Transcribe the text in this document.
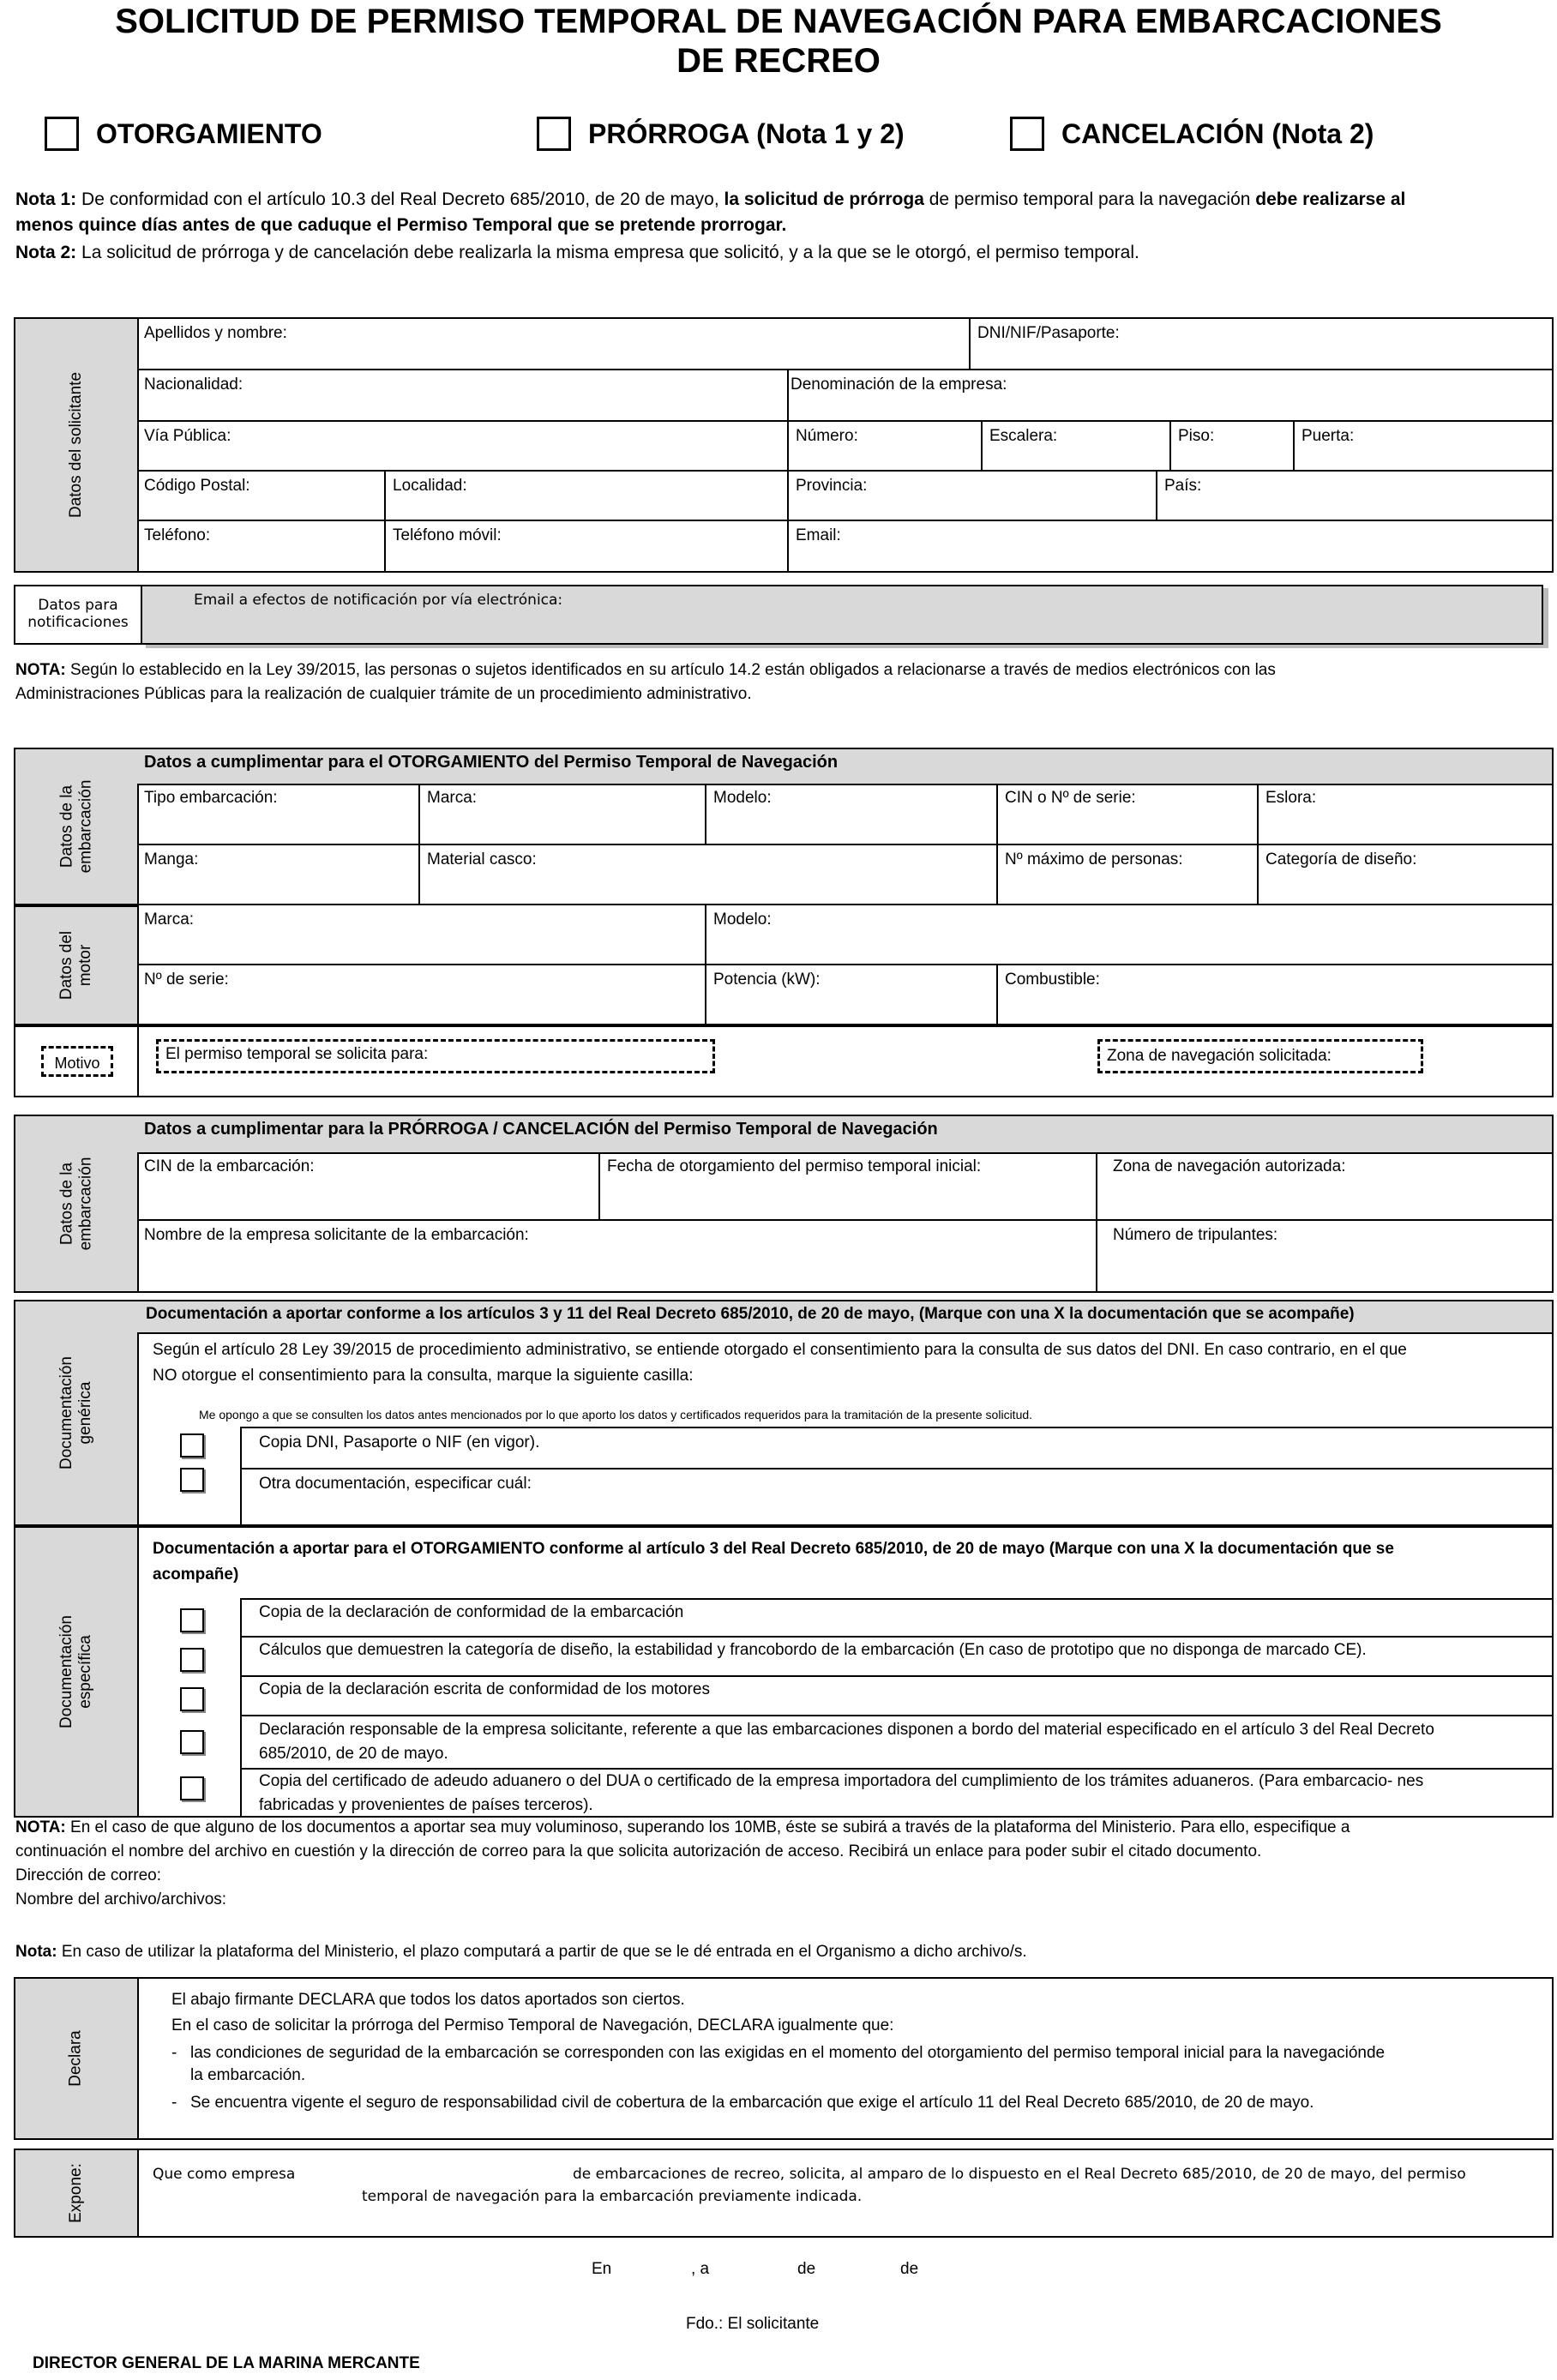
SOLICITUD DE PERMISO TEMPORAL DE NAVEGACIÓN PARA EMBARCACIONES
DE RECREO
OTORGAMIENTO	PRÓRROGA (Nota 1 y 2)	CANCELACIÓN (Nota 2)
Nota 1: De conformidad con el artículo 10.3 del Real Decreto 685/2010, de 20 de mayo, la solicitud de prórroga de permiso temporal para la navegación debe realizarse al
menos quince días antes de que caduque el Permiso Temporal que se pretende prorrogar.
Nota 2: La solicitud de prórroga y de cancelación debe realizarla la misma empresa que solicitó, y a la que se le otorgó, el permiso temporal.
Datos del solicitante
Apellidos y nombre:	DNI/NIF/Pasaporte:
Nacionalidad:	Denominación de la empresa:
Vía Pública:	Número:	Escalera:	Piso:	Puerta:
Código Postal:	Localidad:	Provincia:	País:
Teléfono:	Teléfono móvil:	Email:
Datos para
notificaciones
Email a efectos de notificación por vía electrónica:
NOTA: Según lo establecido en la Ley 39/2015, las personas o sujetos identificados en su artículo 14.2 están obligados a relacionarse a través de medios electrónicos con las
Administraciones Públicas para la realización de cualquier trámite de un procedimiento administrativo.
Datos de la embarcación
Datos del motor
Datos a cumplimentar para el OTORGAMIENTO del Permiso Temporal de Navegación
Tipo embarcación:	Marca:	Modelo:	CIN o Nº de serie:	Eslora:
Manga:	Material casco:	Nº máximo de personas:	Categoría de diseño:
Marca:	Modelo:
Nº de serie:	Potencia (kW):	Combustible:
Motivo	El permiso temporal se solicita para:	Zona de navegación solicitada:
Datos de la embarcación
Datos a cumplimentar para la PRÓRROGA / CANCELACIÓN del Permiso Temporal de Navegación
CIN de la embarcación:	Fecha de otorgamiento del permiso temporal inicial:	Zona de navegación autorizada:
Nombre de la empresa solicitante de la embarcación:	Número de tripulantes:
Documentación genérica
Documentación a aportar conforme a los artículos 3 y 11 del Real Decreto 685/2010, de 20 de mayo, (Marque con una X la documentación que se acompañe)
Según el artículo 28 Ley 39/2015 de procedimiento administrativo, se entiende otorgado el consentimiento para la consulta de sus datos del DNI. En caso contrario, en el que
NO otorgue el consentimiento para la consulta, marque la siguiente casilla:
Me opongo a que se consulten los datos antes mencionados por lo que aporto los datos y certificados requeridos para la tramitación de la presente solicitud.
Copia DNI, Pasaporte o NIF (en vigor).
Otra documentación, especificar cuál:
Documentación específica
Documentación a aportar para el OTORGAMIENTO conforme al artículo 3 del Real Decreto 685/2010, de 20 de mayo (Marque con una X la documentación que se
acompañe)
Copia de la declaración de conformidad de la embarcación
Cálculos que demuestren la categoría de diseño, la estabilidad y francobordo de la embarcación (En caso de prototipo que no disponga de marcado CE).
Copia de la declaración escrita de conformidad de los motores
Declaración responsable de la empresa solicitante, referente a que las embarcaciones disponen a bordo del material especificado en el artículo 3 del Real Decreto
685/2010, de 20 de mayo.
Copia del certificado de adeudo aduanero o del DUA o certificado de la empresa importadora del cumplimiento de los trámites aduaneros. (Para embarcacio- nes
fabricadas y provenientes de países terceros).
NOTA: En el caso de que alguno de los documentos a aportar sea muy voluminoso, superando los 10MB, éste se subirá a través de la plataforma del Ministerio. Para ello, especifique a
continuación el nombre del archivo en cuestión y la dirección de correo para la que solicita autorización de acceso. Recibirá un enlace para poder subir el citado documento.
Dirección de correo:
Nombre del archivo/archivos:
Nota: En caso de utilizar la plataforma del Ministerio, el plazo computará a partir de que se le dé entrada en el Organismo a dicho archivo/s.
Declara
El abajo firmante DECLARA que todos los datos aportados son ciertos.
En el caso de solicitar la prórroga del Permiso Temporal de Navegación, DECLARA igualmente que:
- las condiciones de seguridad de la embarcación se corresponden con las exigidas en el momento del otorgamiento del permiso temporal inicial para la navegaciónde
la embarcación.
- Se encuentra vigente el seguro de responsabilidad civil de cobertura de la embarcación que exige el artículo 11 del Real Decreto 685/2010, de 20 de mayo.
Expone:	Que como empresa	de embarcaciones de recreo, solicita, al amparo de lo dispuesto en el Real Decreto 685/2010, de 20 de mayo, del permiso
temporal de navegación para la embarcación previamente indicada.
En	, a	de	de
Fdo.: El solicitante
DIRECTOR GENERAL DE LA MARINA MERCANTE
